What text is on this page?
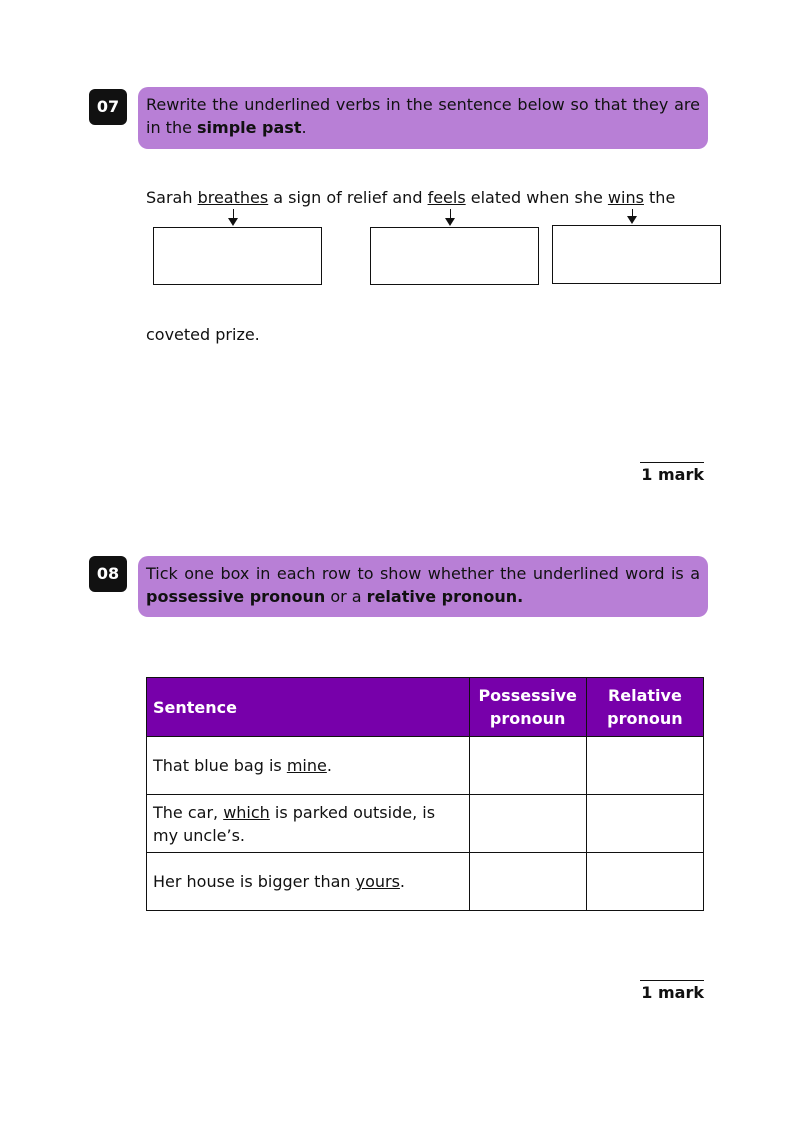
07	Rewrite the underlined verbs in the sentence below so that they are in the simple past.
Sarah breathes a sign of relief and feels elated when she wins the
coveted prize.
1 mark
08	Tick one box in each row to show whether the underlined word is a possessive pronoun or a relative pronoun.
Sentence	Possessive pronoun	Relative pronoun
That blue bag is mine.		
The car, which is parked outside, is my uncle’s.		
Her house is bigger than yours.		
1 mark
